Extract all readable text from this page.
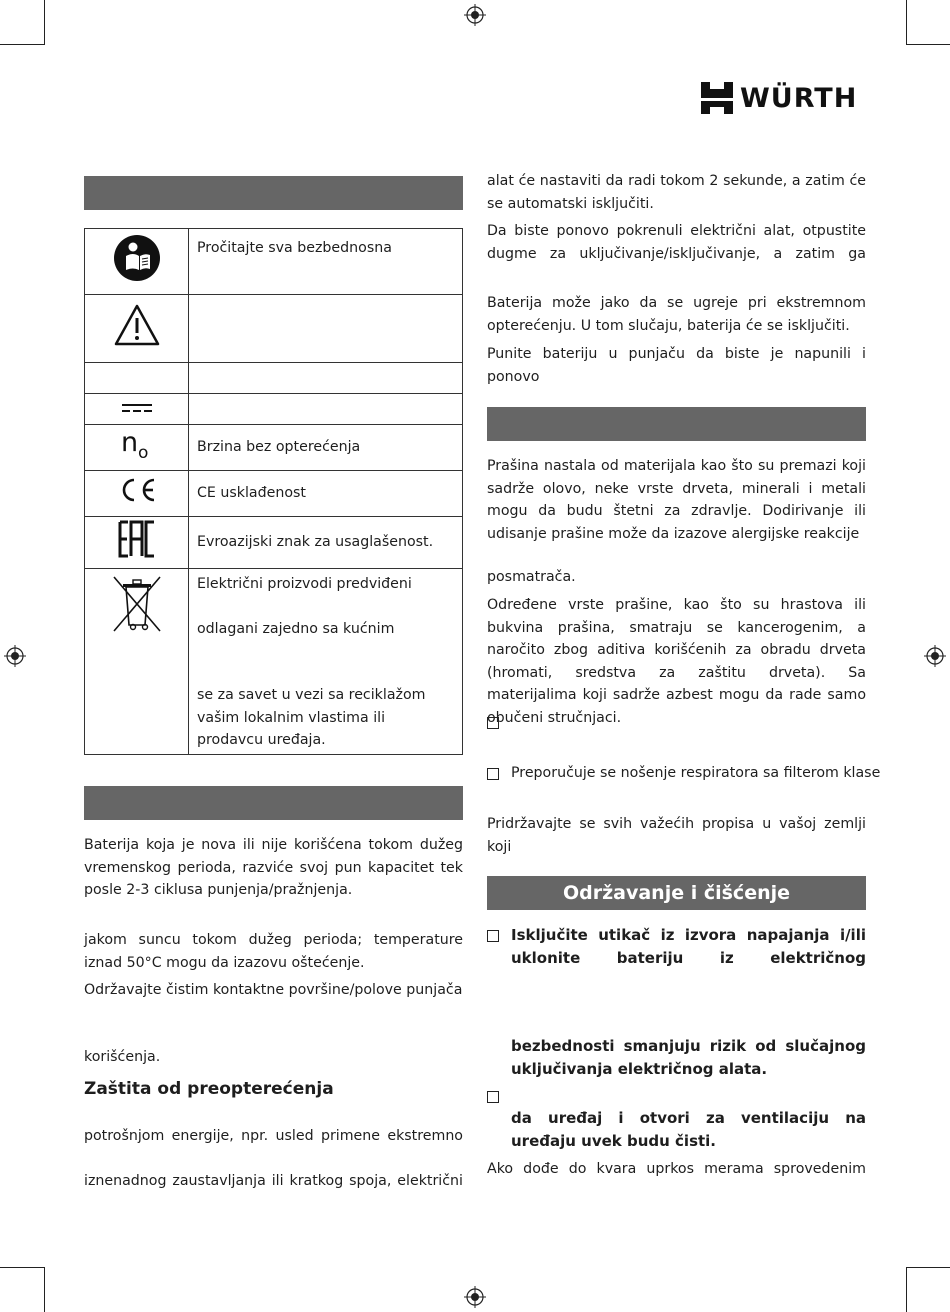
WÜRTH
	Pročitajte sva bezbednosna

n o	Brzina bez opterećenja
	CE usklađenost
	Evroazijski znak za usaglašenost.

Električni proizvodi predviđeni
odlagani zajedno sa kućnim
se za savet u vezi sa reciklažom vašim lokalnim vlastima ili prodavcu uređaja.
Baterija koja je nova ili nije korišćena tokom dužeg vremenskog perioda, razviće svoj pun kapacitet tek posle 2-3 ciklusa punjenja/pražnjenja.
jakom suncu tokom dužeg perioda; temperature iznad 50°C mogu da izazovu oštećenje.
Održavajte čistim kontaktne površine/polove punjača
korišćenja.
Zaštita od preopterećenja
potrošnjom energije, npr. usled primene ekstremno
iznenadnog zaustavljanja ili kratkog spoja, električni
alat će nastaviti da radi tokom 2 sekunde, a zatim će se automatski isključiti.
Da biste ponovo pokrenuli električni alat, otpustite dugme za uključivanje/isključivanje, a zatim ga
Baterija može jako da se ugreje pri ekstremnom opterećenju. U tom slučaju, baterija će se isključiti.
Punite bateriju u punjaču da biste je napunili i ponovo
Prašina nastala od materijala kao što su premazi koji sadrže olovo, neke vrste drveta, minerali i metali mogu da budu štetni za zdravlje. Dodirivanje ili udisanje prašine može da izazove alergijske reakcije
posmatrača.
Određene vrste prašine, kao što su hrastova ili bukvina prašina, smatraju se kancerogenim, a naročito zbog aditiva korišćenih za obradu drveta (hromati, sredstva za zaštitu drveta). Sa materijalima koji sadrže azbest mogu da rade samo obučeni stručnjaci.
Preporučuje se nošenje respiratora sa filterom klase
Pridržavajte se svih važećih propisa u vašoj zemlji koji
Održavanje i čišćenje
Isključite utikač iz izvora napajanja i/ili uklonite bateriju iz električnog
bezbednosti smanjuju rizik od slučajnog uključivanja električnog alata.
da uređaj i otvori za ventilaciju na uređaju uvek budu čisti.
Ako dođe do kvara uprkos merama sprovedenim
